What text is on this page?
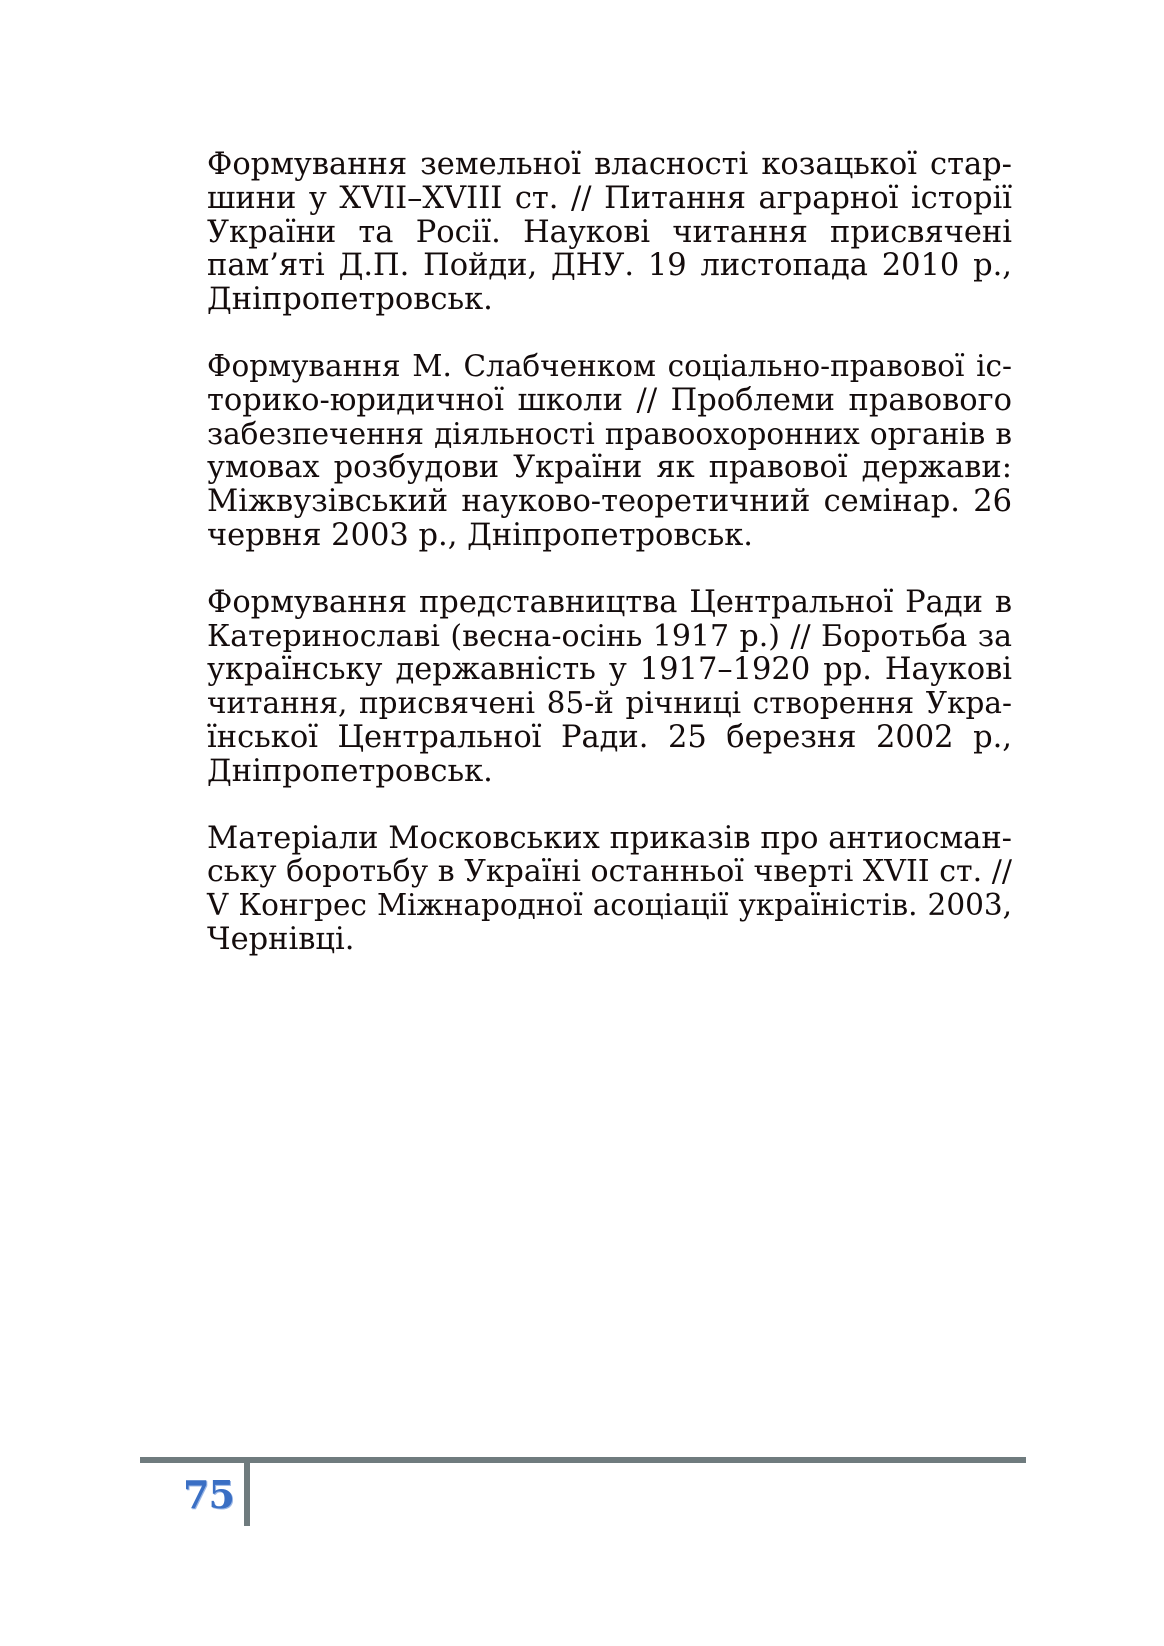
Формування земельної власності козацької стар-
шини у XVII–XVIII ст. // Питання аграрної історії
України та Росії. Наукові читання присвячені
пам’яті Д.П. Пойди, ДНУ. 19 листопада 2010 р.,
Дніпропетровськ.

Формування М. Слабченком соціально-правової іс-
торико-юридичної школи // Проблеми правового
забезпечення діяльності правоохоронних органів в
умовах розбудови України як правової держави:
Міжвузівський науково-теоретичний семінар. 26
червня 2003 р., Дніпропетровськ.

Формування представництва Центральної Ради в
Катеринославі (весна-осінь 1917 р.) // Боротьба за
українську державність у 1917–1920 рр. Наукові
читання, присвячені 85-й річниці створення Укра-
їнської Центральної Ради. 25 березня 2002 р.,
Дніпропетровськ.

Матеріали Московських приказів про антиосман-
ську боротьбу в Україні останньої чверті XVII ст. //
V Конгрес Міжнародної асоціації україністів. 2003,
Чернівці.

75
